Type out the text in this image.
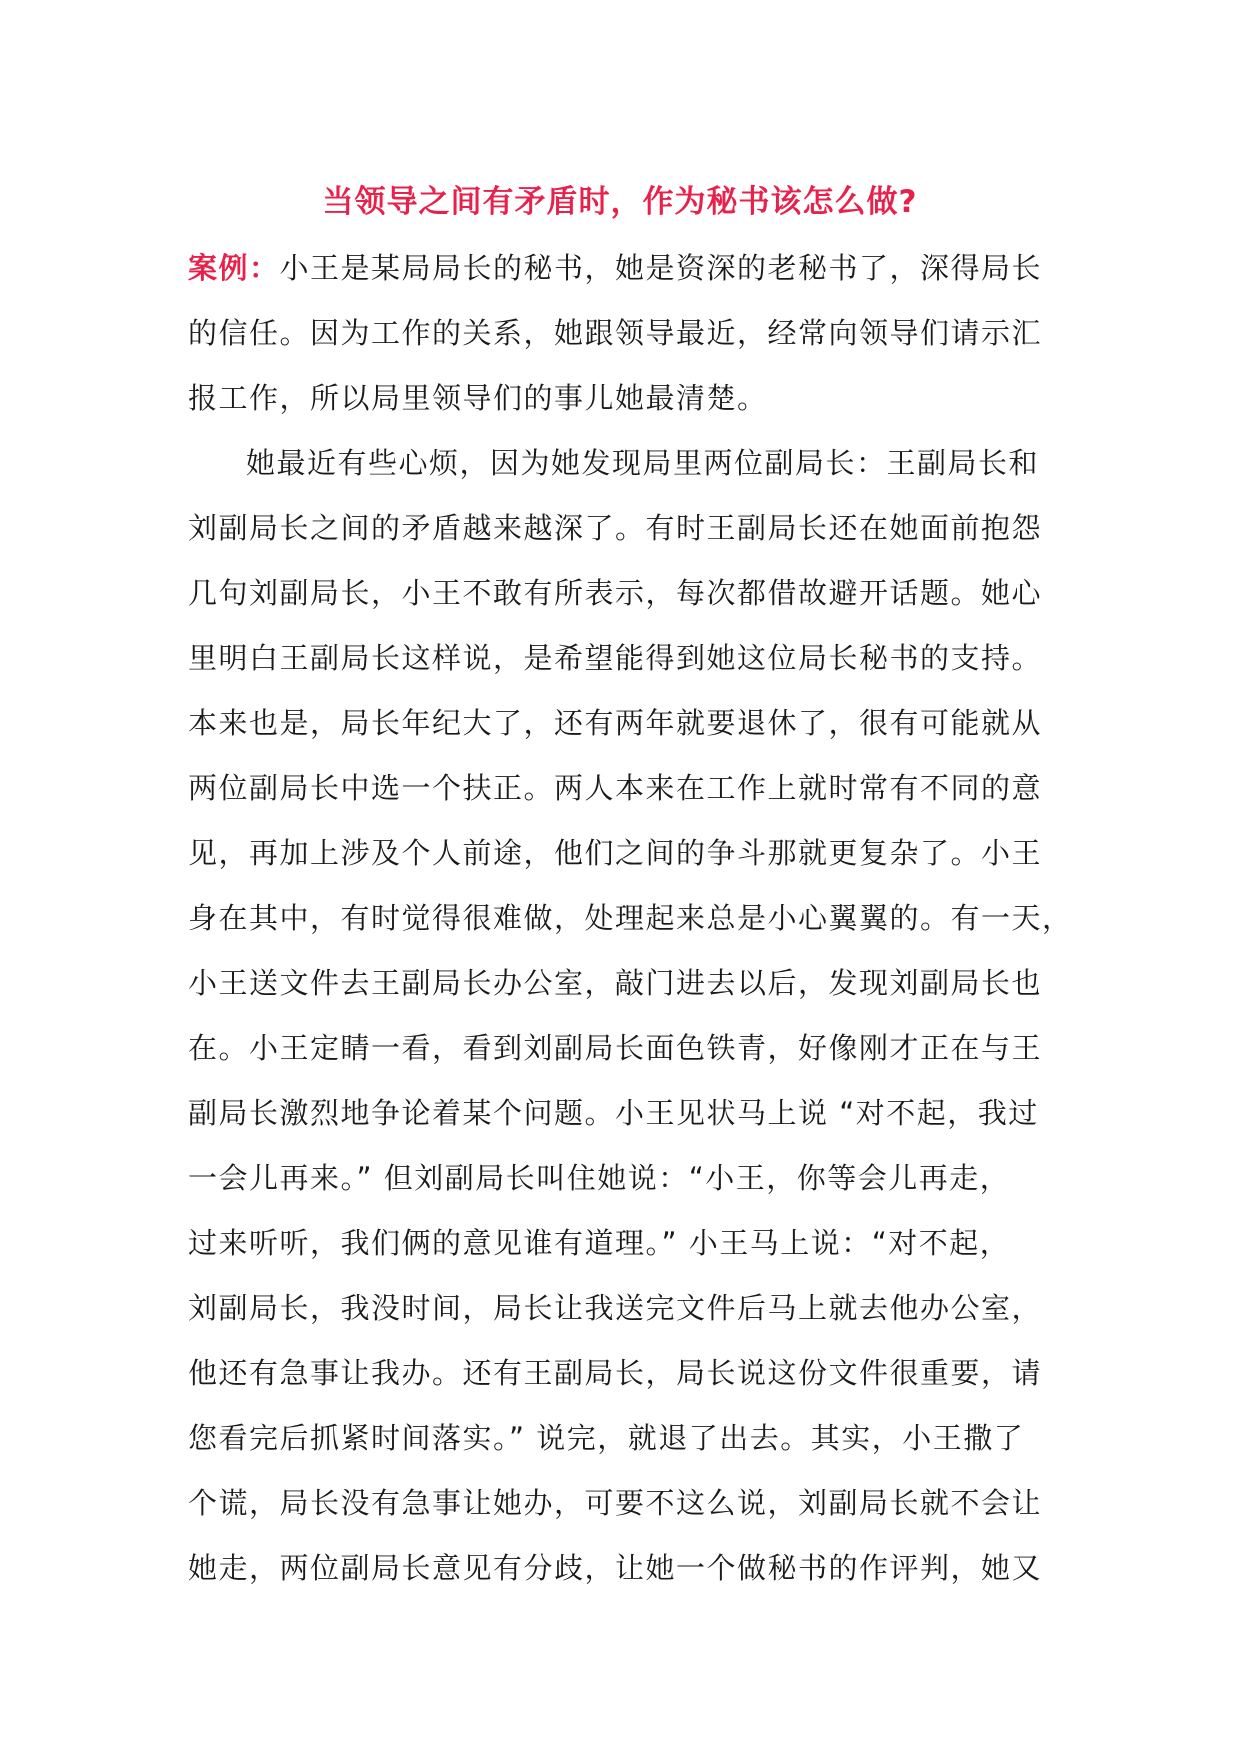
当领导之间有矛盾时，作为秘书该怎么做?
案例：小王是某局局长的秘书，她是资深的老秘书了，深得局长
的信任。因为工作的关系，她跟领导最近，经常向领导们请示汇
报工作，所以局里领导们的事儿她最清楚。
她最近有些心烦，因为她发现局里两位副局长：王副局长和
刘副局长之间的矛盾越来越深了。有时王副局长还在她面前抱怨
几句刘副局长，小王不敢有所表示，每次都借故避开话题。她心
里明白王副局长这样说，是希望能得到她这位局长秘书的支持。
本来也是，局长年纪大了，还有两年就要退休了，很有可能就从
两位副局长中选一个扶正。两人本来在工作上就时常有不同的意
见，再加上涉及个人前途，他们之间的争斗那就更复杂了。小王
身在其中，有时觉得很难做，处理起来总是小心翼翼的。有一天，
小王送文件去王副局长办公室，敲门进去以后，发现刘副局长也
在。小王定睛一看，看到刘副局长面色铁青，好像刚才正在与王
副局长激烈地争论着某个问题。小王见状马上说 “对不起，我过
一会儿再来。” 但刘副局长叫住她说：“小王，你等会儿再走，
过来听听，我们俩的意见谁有道理。” 小王马上说：“对不起，
刘副局长，我没时间，局长让我送完文件后马上就去他办公室，
他还有急事让我办。还有王副局长，局长说这份文件很重要，请
您看完后抓紧时间落实。” 说完，就退了出去。其实，小王撒了
个谎，局长没有急事让她办，可要不这么说，刘副局长就不会让
她走，两位副局长意见有分歧，让她一个做秘书的作评判，她又
